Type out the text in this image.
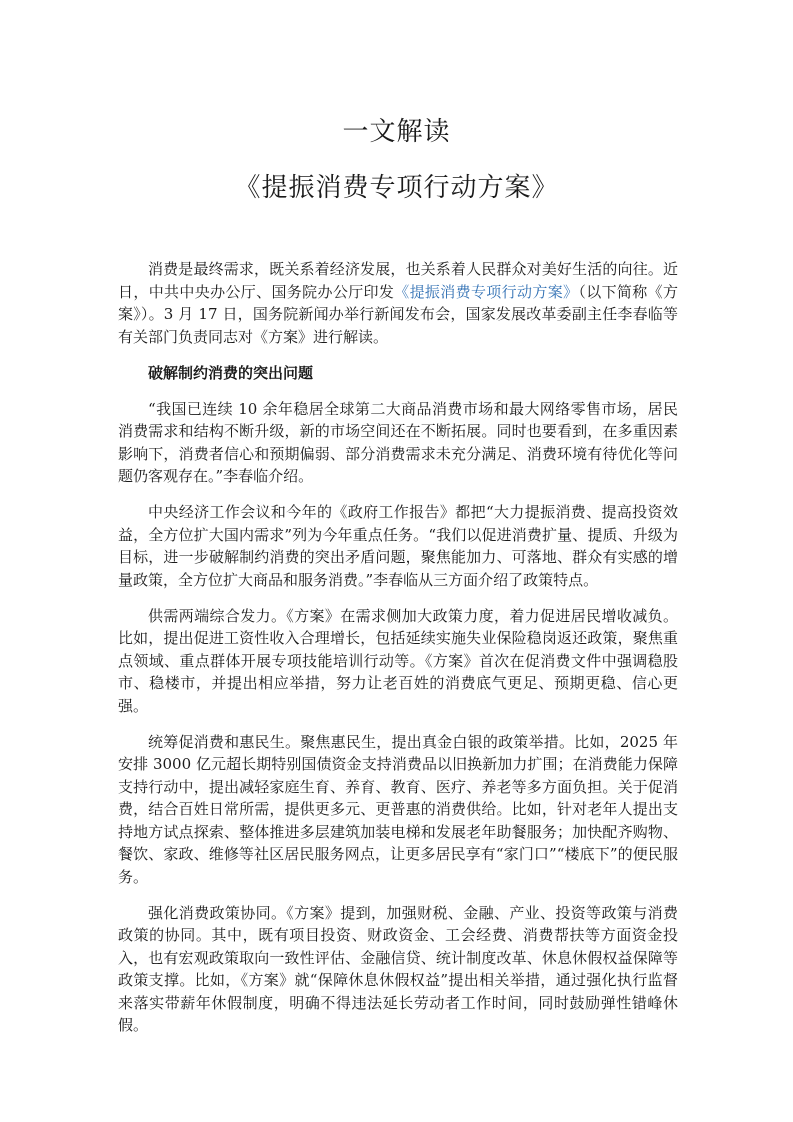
一文解读
《提振消费专项行动方案》

消费是最终需求，既关系着经济发展，也关系着人民群众对美好生活的向往。近日，中共中央办公厅、国务院办公厅印发《提振消费专项行动方案》（以下简称《方案》）。3 月 17 日，国务院新闻办举行新闻发布会，国家发展改革委副主任李春临等有关部门负责同志对《方案》进行解读。

破解制约消费的突出问题

“我国已连续 10 余年稳居全球第二大商品消费市场和最大网络零售市场，居民消费需求和结构不断升级，新的市场空间还在不断拓展。同时也要看到，在多重因素影响下，消费者信心和预期偏弱、部分消费需求未充分满足、消费环境有待优化等问题仍客观存在。”李春临介绍。

中央经济工作会议和今年的《政府工作报告》都把“大力提振消费、提高投资效益，全方位扩大国内需求”列为今年重点任务。“我们以促进消费扩量、提质、升级为目标，进一步破解制约消费的突出矛盾问题，聚焦能加力、可落地、群众有实感的增量政策，全方位扩大商品和服务消费。”李春临从三方面介绍了政策特点。

供需两端综合发力。《方案》在需求侧加大政策力度，着力促进居民增收减负。比如，提出促进工资性收入合理增长，包括延续实施失业保险稳岗返还政策，聚焦重点领域、重点群体开展专项技能培训行动等。《方案》首次在促消费文件中强调稳股市、稳楼市，并提出相应举措，努力让老百姓的消费底气更足、预期更稳、信心更强。

统筹促消费和惠民生。聚焦惠民生，提出真金白银的政策举措。比如，2025 年安排 3000 亿元超长期特别国债资金支持消费品以旧换新加力扩围；在消费能力保障支持行动中，提出减轻家庭生育、养育、教育、医疗、养老等多方面负担。关于促消费，结合百姓日常所需，提供更多元、更普惠的消费供给。比如，针对老年人提出支持地方试点探索、整体推进多层建筑加装电梯和发展老年助餐服务；加快配齐购物、餐饮、家政、维修等社区居民服务网点，让更多居民享有“家门口”“楼底下”的便民服务。

强化消费政策协同。《方案》提到，加强财税、金融、产业、投资等政策与消费政策的协同。其中，既有项目投资、财政资金、工会经费、消费帮扶等方面资金投入，也有宏观政策取向一致性评估、金融信贷、统计制度改革、休息休假权益保障等政策支撑。比如，《方案》就“保障休息休假权益”提出相关举措，通过强化执行监督来落实带薪年休假制度，明确不得违法延长劳动者工作时间，同时鼓励弹性错峰休假。
